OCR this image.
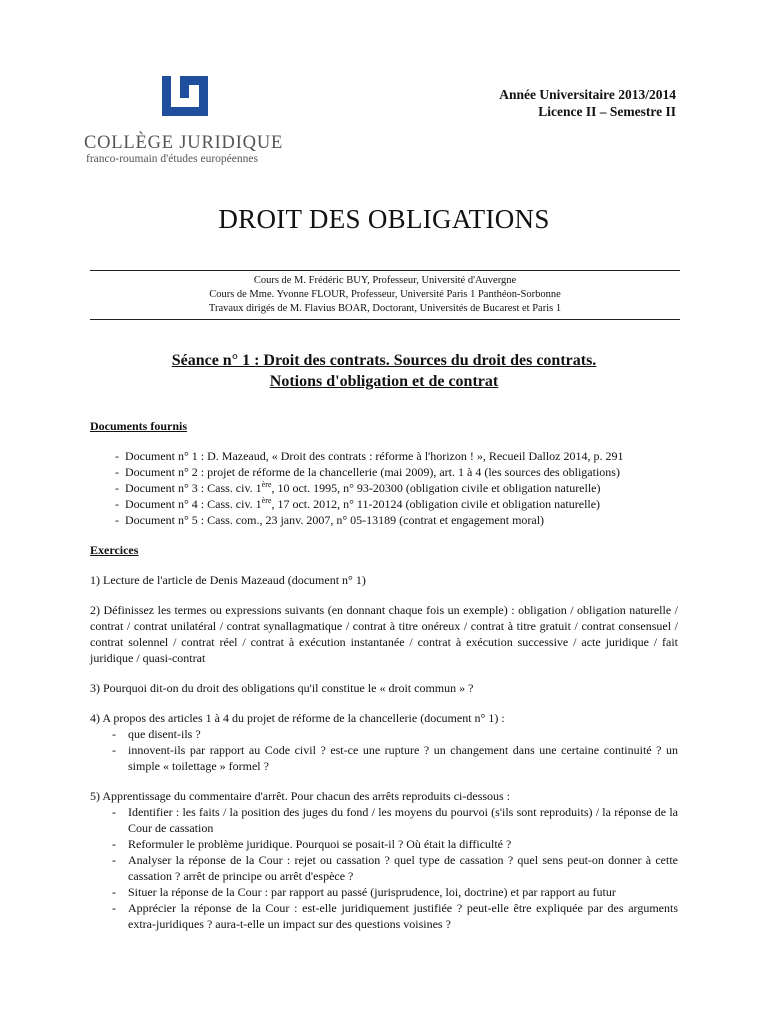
COLLÈGE JURIDIQUE
franco-roumain d'études européennes
Année Universitaire 2013/2014
Licence II – Semestre II
DROIT DES OBLIGATIONS
Cours de M. Frédéric BUY, Professeur, Université d'Auvergne
Cours de Mme. Yvonne FLOUR, Professeur, Université Paris 1 Panthéon-Sorbonne
Travaux dirigés de M. Flavius BOAR, Doctorant, Universités de Bucarest et Paris 1
Séance n° 1 : Droit des contrats. Sources du droit des contrats.
Notions d'obligation et de contrat
Documents fournis
- Document n° 1 : D. Mazeaud, « Droit des contrats : réforme à l'horizon ! », Recueil Dalloz 2014, p. 291
- Document n° 2 : projet de réforme de la chancellerie (mai 2009), art. 1 à 4 (les sources des obligations)
- Document n° 3 : Cass. civ. 1ère, 10 oct. 1995, n° 93-20300 (obligation civile et obligation naturelle)
- Document n° 4 : Cass. civ. 1ère, 17 oct. 2012, n° 11-20124 (obligation civile et obligation naturelle)
- Document n° 5 : Cass. com., 23 janv. 2007, n° 05-13189 (contrat et engagement moral)
Exercices
1) Lecture de l'article de Denis Mazeaud (document n° 1)
2) Définissez les termes ou expressions suivants (en donnant chaque fois un exemple) : obligation / obligation naturelle / contrat / contrat unilatéral / contrat synallagmatique / contrat à titre onéreux / contrat à titre gratuit / contrat consensuel / contrat solennel / contrat réel / contrat à exécution instantanée / contrat à exécution successive / acte juridique / fait juridique / quasi-contrat
3) Pourquoi dit-on du droit des obligations qu'il constitue le « droit commun » ?
4) A propos des articles 1 à 4 du projet de réforme de la chancellerie (document n° 1) :
- que disent-ils ?
- innovent-ils par rapport au Code civil ? est-ce une rupture ? un changement dans une certaine continuité ? un simple « toilettage » formel ?
5) Apprentissage du commentaire d'arrêt. Pour chacun des arrêts reproduits ci-dessous :
- Identifier : les faits / la position des juges du fond / les moyens du pourvoi (s'ils sont reproduits) / la réponse de la Cour de cassation
- Reformuler le problème juridique. Pourquoi se posait-il ? Où était la difficulté ?
- Analyser la réponse de la Cour : rejet ou cassation ? quel type de cassation ? quel sens peut-on donner à cette cassation ? arrêt de principe ou arrêt d'espèce ?
- Situer la réponse de la Cour : par rapport au passé (jurisprudence, loi, doctrine) et par rapport au futur
- Apprécier la réponse de la Cour : est-elle juridiquement justifiée ? peut-elle être expliquée par des arguments extra-juridiques ? aura-t-elle un impact sur des questions voisines ?
